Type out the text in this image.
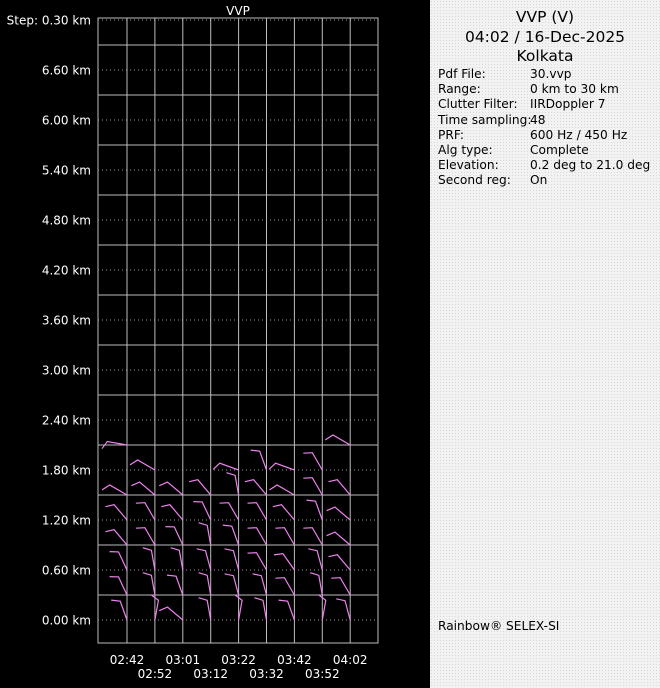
VVP
0.00 km
0.60 km
1.20 km
1.80 km
2.40 km
3.00 km
3.60 km
4.20 km
4.80 km
5.40 km
6.00 km
6.60 km
Step: 0.30 km
02:42 03:01 03:22 03:42 04:02
02:52 03:12 03:32 03:52
VVP (V)
04:02 / 16-Dec-2025
Kolkata
Pdf File:	30.vvp
Range:	0 km to 30 km
Clutter Filter: IIRDoppler 7
Time sampling:
48
PRF:	600 Hz / 450 Hz
Alg type:	Complete
Elevation:	0.2 deg to 21.0 deg
Second reg: On
Rainbow® SELEX-SI
